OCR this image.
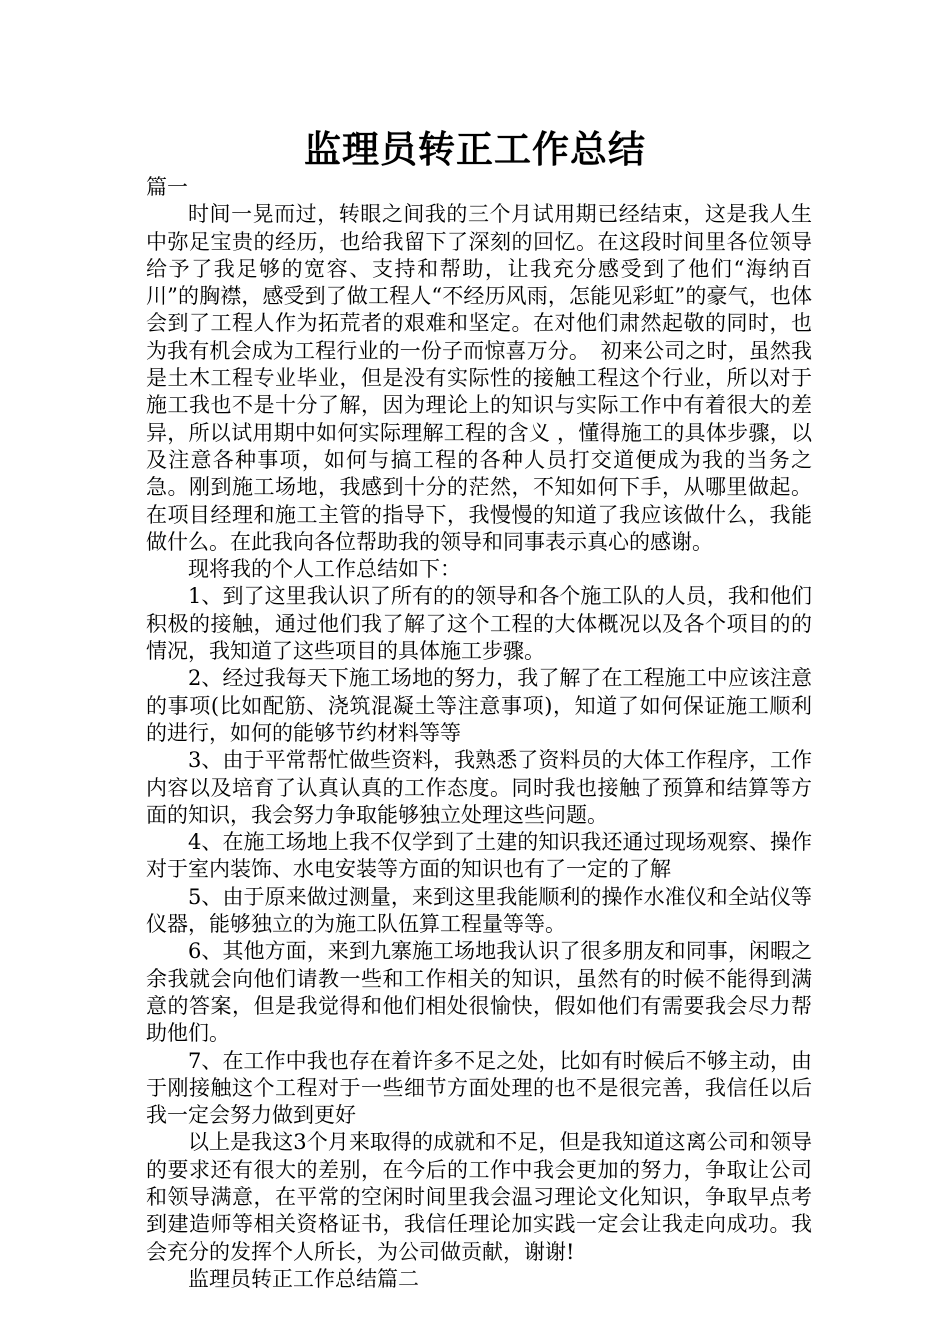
监理员转正工作总结

篇一

时间一晃而过，转眼之间我的三个月试用期已经结束，这是我人生中弥足宝贵的经历，也给我留下了深刻的回忆。在这段时间里各位领导给予了我足够的宽容、支持和帮助，让我充分感受到了他们“海纳百川”的胸襟，感受到了做工程人“不经历风雨，怎能见彩虹”的豪气，也体会到了工程人作为拓荒者的艰难和坚定。在对他们肃然起敬的同时，也为我有机会成为工程行业的一份子而惊喜万分。　初来公司之时，虽然我是土木工程专业毕业，但是没有实际性的接触工程这个行业，所以对于施工我也不是十分了解，因为理论上的知识与实际工作中有着很大的差异，所以试用期中如何实际理解工程的含义 ，懂得施工的具体步骤，以及注意各种事项，如何与搞工程的各种人员打交道便成为我的当务之急。刚到施工场地，我感到十分的茫然，不知如何下手，从哪里做起。在项目经理和施工主管的指导下，我慢慢的知道了我应该做什么，我能做什么。在此我向各位帮助我的领导和同事表示真心的感谢。

现将我的个人工作总结如下：

1、到了这里我认识了所有的的领导和各个施工队的人员，我和他们积极的接触，通过他们我了解了这个工程的大体概况以及各个项目的的情况，我知道了这些项目的具体施工步骤。

2、经过我每天下施工场地的努力，我了解了在工程施工中应该注意的事项(比如配筋、浇筑混凝土等注意事项)，知道了如何保证施工顺利的进行，如何的能够节约材料等等

3、由于平常帮忙做些资料，我熟悉了资料员的大体工作程序，工作内容以及培育了认真认真的工作态度。同时我也接触了预算和结算等方面的知识，我会努力争取能够独立处理这些问题。

4、在施工场地上我不仅学到了土建的知识我还通过现场观察、操作对于室内装饰、水电安装等方面的知识也有了一定的了解

5、由于原来做过测量，来到这里我能顺利的操作水准仪和全站仪等仪器，能够独立的为施工队伍算工程量等等。

6、其他方面，来到九寨施工场地我认识了很多朋友和同事，闲暇之余我就会向他们请教一些和工作相关的知识，虽然有的时候不能得到满意的答案，但是我觉得和他们相处很愉快，假如他们有需要我会尽力帮助他们。

7、在工作中我也存在着许多不足之处，比如有时候后不够主动，由于刚接触这个工程对于一些细节方面处理的也不是很完善，我信任以后我一定会努力做到更好

以上是我这3个月来取得的成就和不足，但是我知道这离公司和领导的要求还有很大的差别，在今后的工作中我会更加的努力，争取让公司和领导满意，在平常的空闲时间里我会温习理论文化知识，争取早点考到建造师等相关资格证书，我信任理论加实践一定会让我走向成功。我会充分的发挥个人所长，为公司做贡献，谢谢!

监理员转正工作总结篇二
